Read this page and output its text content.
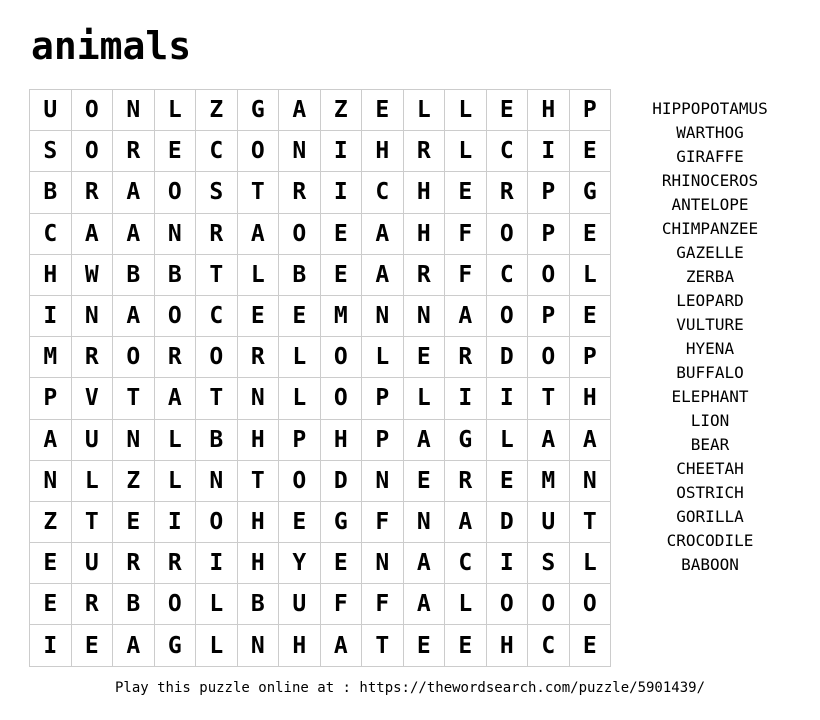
animals
U	O	N	L	Z	G	A	Z	E	L	L	E	H	P
S	O	R	E	C	O	N	I	H	R	L	C	I	E
B	R	A	O	S	T	R	I	C	H	E	R	P	G
C	A	A	N	R	A	O	E	A	H	F	O	P	E
H	W	B	B	T	L	B	E	A	R	F	C	O	L
I	N	A	O	C	E	E	M	N	N	A	O	P	E
M	R	O	R	O	R	L	O	L	E	R	D	O	P
P	V	T	A	T	N	L	O	P	L	I	I	T	H
A	U	N	L	B	H	P	H	P	A	G	L	A	A
N	L	Z	L	N	T	O	D	N	E	R	E	M	N
Z	T	E	I	O	H	E	G	F	N	A	D	U	T
E	U	R	R	I	H	Y	E	N	A	C	I	S	L
E	R	B	O	L	B	U	F	F	A	L	O	O	O
I	E	A	G	L	N	H	A	T	E	E	H	C	E
HIPPOPOTAMUS
WARTHOG
GIRAFFE
RHINOCEROS
ANTELOPE
CHIMPANZEE
GAZELLE
ZERBA
LEOPARD
VULTURE
HYENA
BUFFALO
ELEPHANT
LION
BEAR
CHEETAH
OSTRICH
GORILLA
CROCODILE
BABOON
Play this puzzle online at : https://thewordsearch.com/puzzle/5901439/
